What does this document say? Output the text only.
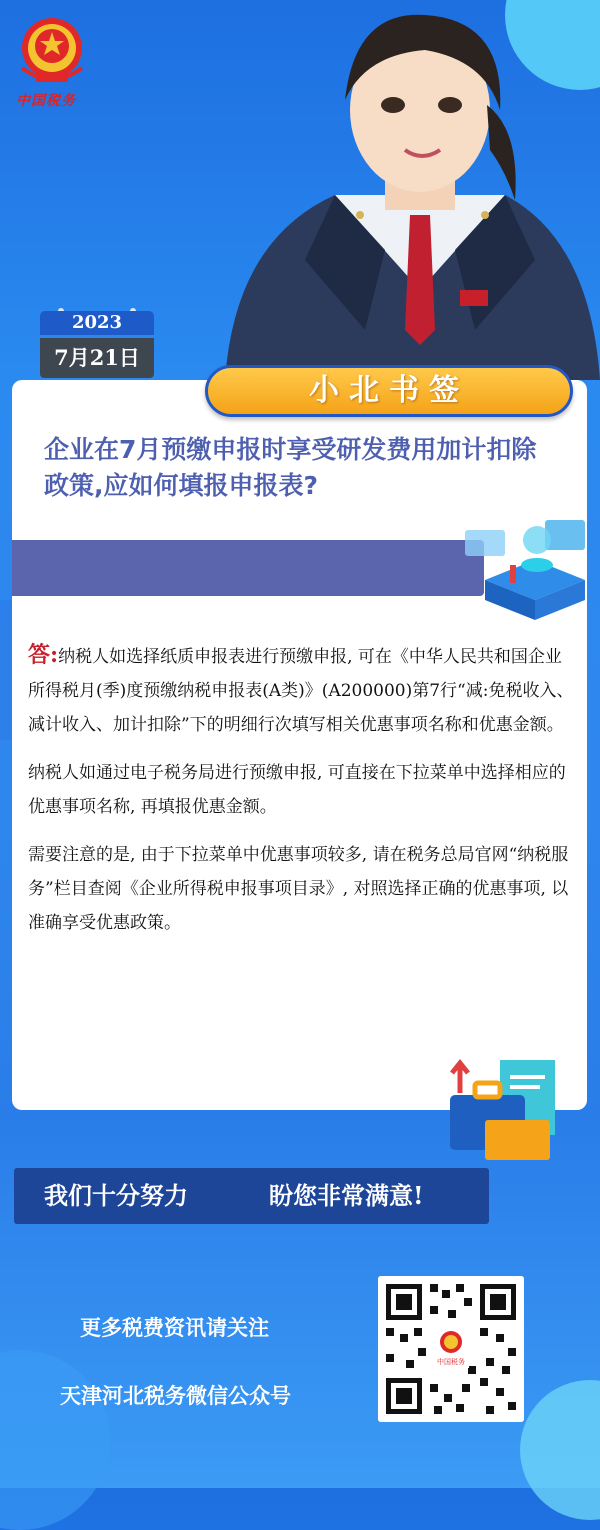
中国税务
2023
7月21日
小北书签
企业在7月预缴申报时享受研发费用加计扣除政策,应如何填报申报表?

答:纳税人如选择纸质申报表进行预缴申报, 可在《中华人民共和国企业所得税月(季)度预缴纳税申报表(A类)》(A200000)第7行“减:免税收入、减计收入、加计扣除”下的明细行次填写相关优惠事项名称和优惠金额。

纳税人如通过电子税务局进行预缴申报, 可直接在下拉菜单中选择相应的优惠事项名称, 再填报优惠金额。

需要注意的是, 由于下拉菜单中优惠事项较多, 请在税务总局官网“纳税服务”栏目查阅《企业所得税申报事项目录》, 对照选择正确的优惠事项, 以准确享受优惠政策。

我们十分努力	盼您非常满意!
更多税费资讯请关注
天津河北税务微信公众号
中国税务
